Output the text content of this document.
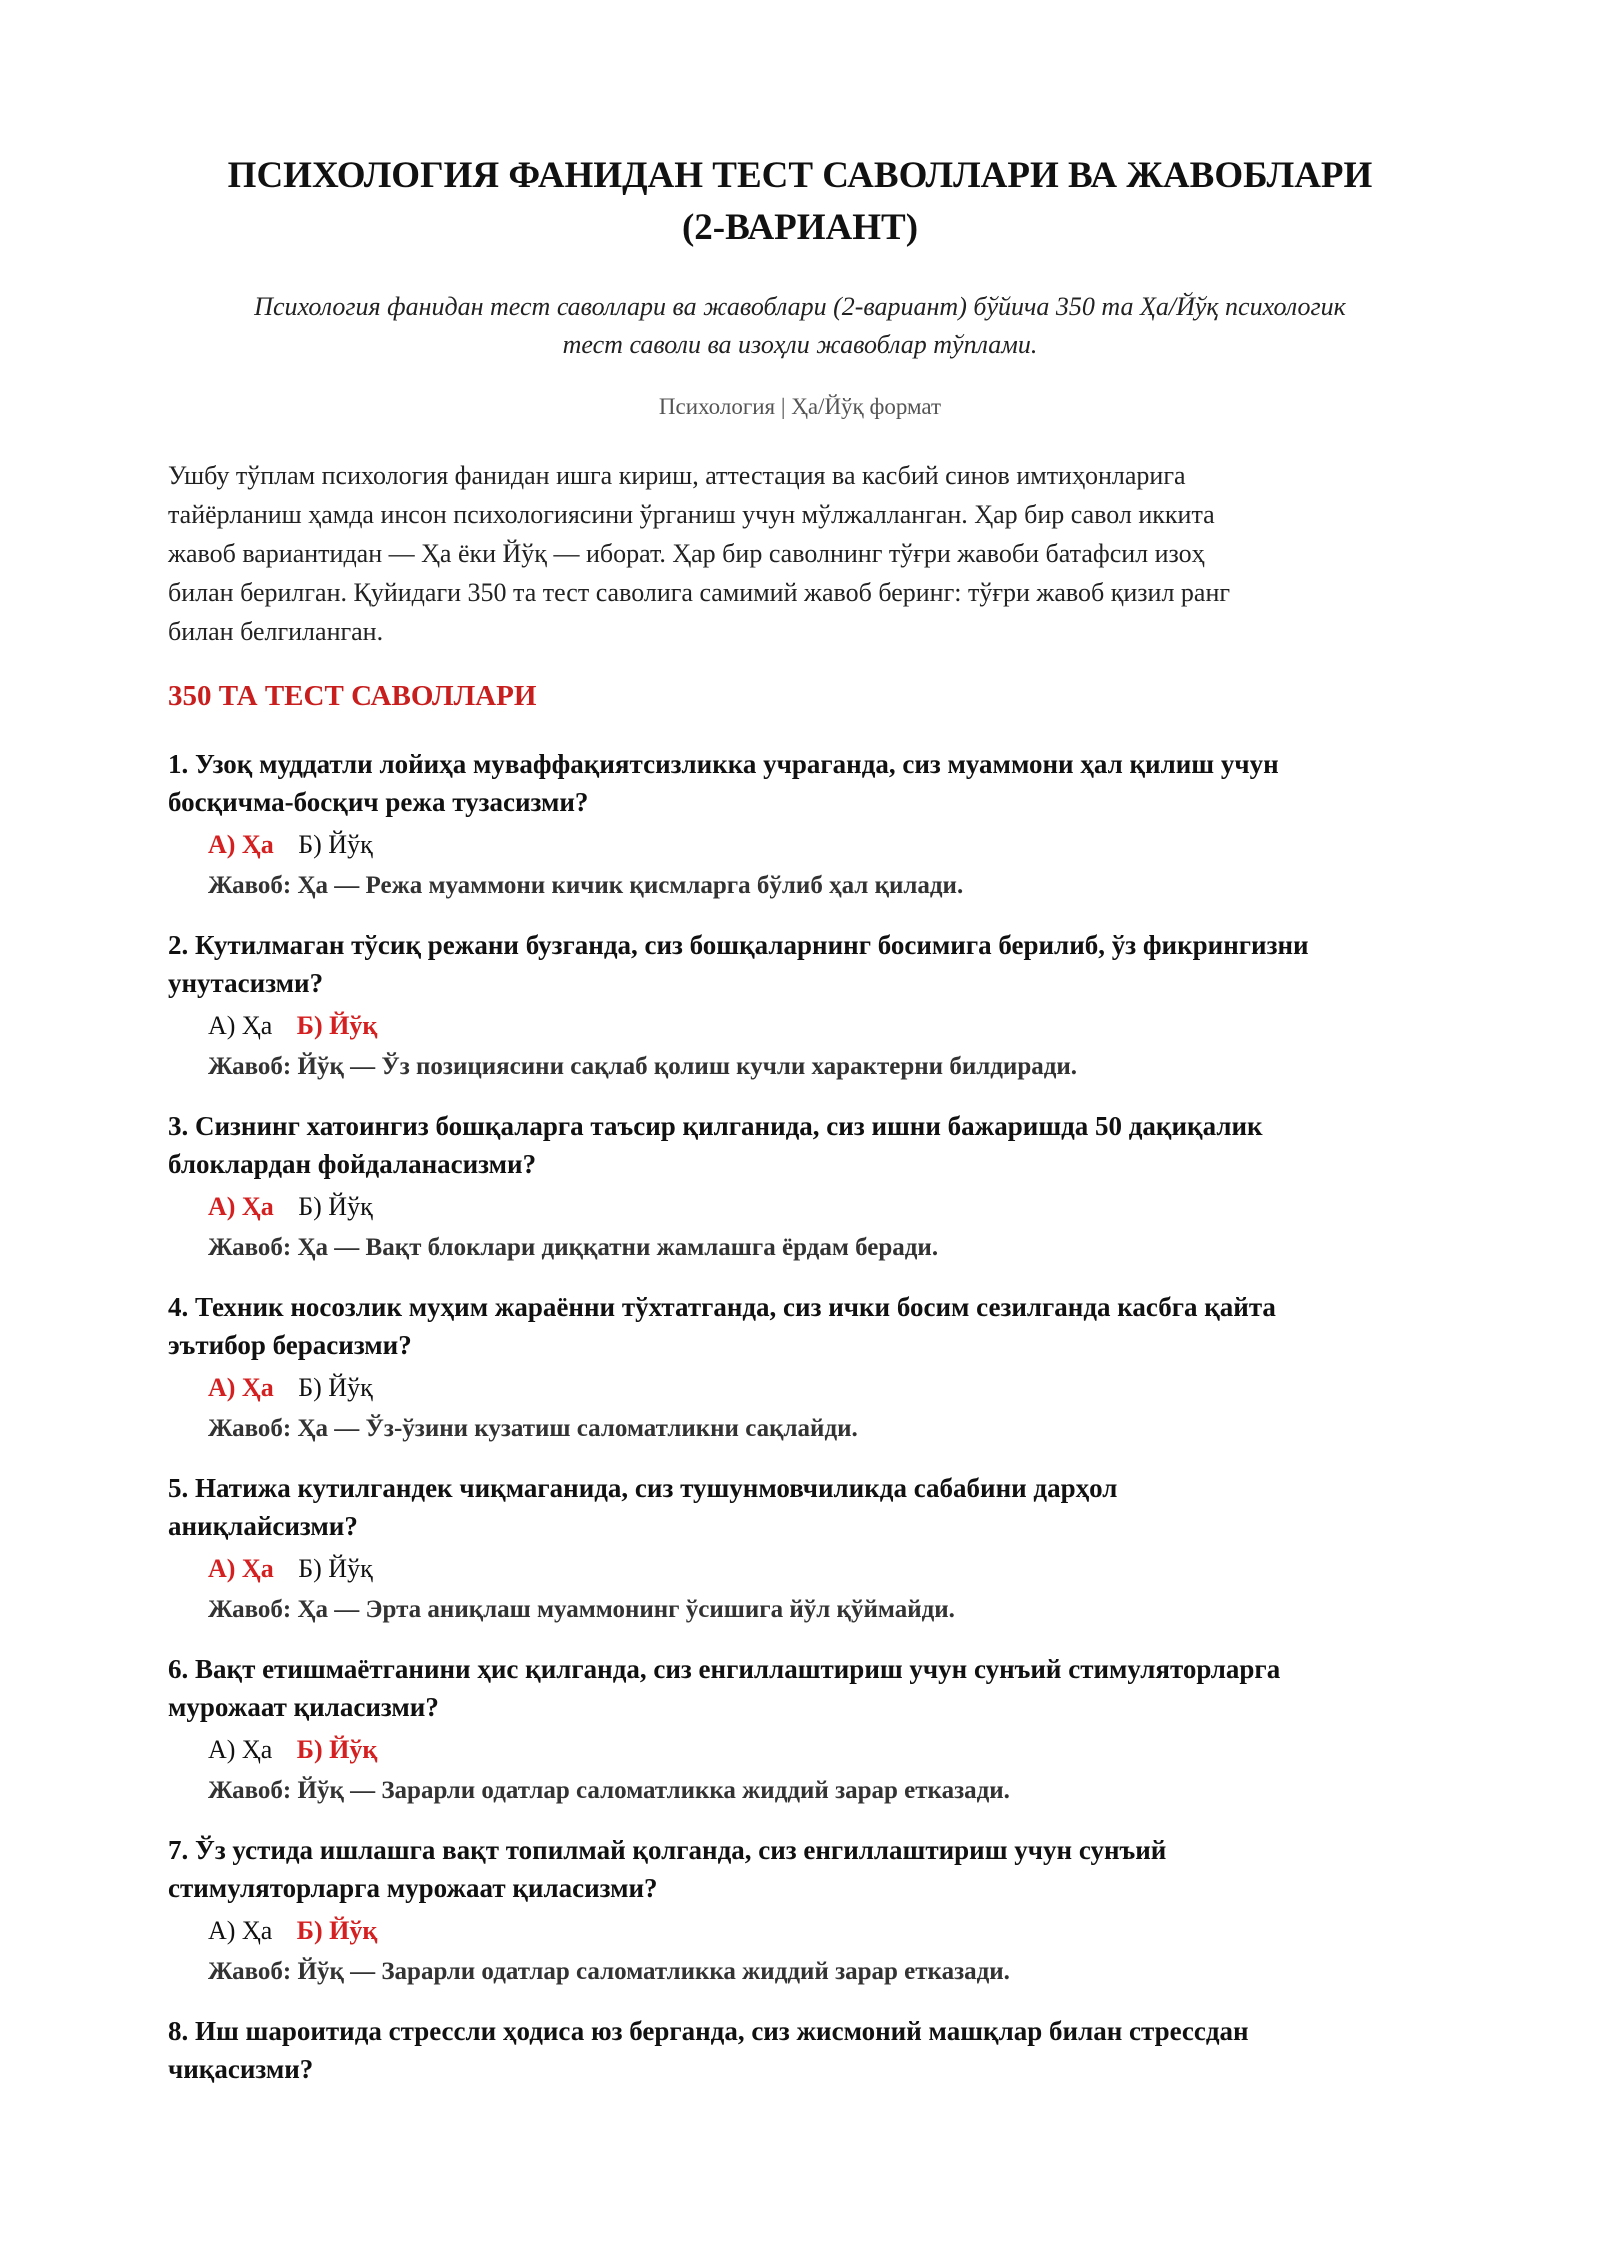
ПСИХОЛОГИЯ ФАНИДАН ТЕСТ САВОЛЛАРИ ВА ЖАВОБЛАРИ
(2-ВАРИАНТ)
Психология фанидан тест саволлари ва жавоблари (2-вариант) бўйича 350 та Ҳа/Йўқ психологик
тест саволи ва изоҳли жавоблар тўплами.
Психология | Ҳа/Йўқ формат
Ушбу тўплам психология фанидан ишга кириш, аттестация ва касбий синов имтиҳонларига
тайёрланиш ҳамда инсон психологиясини ўрганиш учун мўлжалланган. Ҳар бир савол иккита
жавоб вариантидан — Ҳа ёки Йўқ — иборат. Ҳар бир саволнинг тўғри жавоби батафсил изоҳ
билан берилган. Қуйидаги 350 та тест саволига самимий жавоб беринг: тўғри жавоб қизил ранг
билан белгиланган.
350 ТА ТЕСТ САВОЛЛАРИ
1. Узоқ муддатли лойиҳа муваффақиятсизликка учраганда, сиз муаммони ҳал қилиш учун
босқичма-босқич режа тузасизми?
А) Ҳа Б) Йўқ
Жавоб: Ҳа — Режа муаммони кичик қисмларга бўлиб ҳал қилади.
2. Кутилмаган тўсиқ режани бузганда, сиз бошқаларнинг босимига берилиб, ўз фикрингизни
унутасизми?
А) Ҳа Б) Йўқ
Жавоб: Йўқ — Ўз позициясини сақлаб қолиш кучли характерни билдиради.
3. Сизнинг хатоингиз бошқаларга таъсир қилганида, сиз ишни бажаришда 50 дақиқалик
блоклардан фойдаланасизми?
А) Ҳа Б) Йўқ
Жавоб: Ҳа — Вақт блоклари диққатни жамлашга ёрдам беради.
4. Техник носозлик муҳим жараённи тўхтатганда, сиз ички босим сезилганда касбга қайта
эътибор берасизми?
А) Ҳа Б) Йўқ
Жавоб: Ҳа — Ўз-ўзини кузатиш саломатликни сақлайди.
5. Натижа кутилгандек чиқмаганида, сиз тушунмовчиликда сабабини дарҳол
аниқлайсизми?
А) Ҳа Б) Йўқ
Жавоб: Ҳа — Эрта аниқлаш муаммонинг ўсишига йўл қўймайди.
6. Вақт етишмаётганини ҳис қилганда, сиз енгиллаштириш учун сунъий стимуляторларга
мурожаат қиласизми?
А) Ҳа Б) Йўқ
Жавоб: Йўқ — Зарарли одатлар саломатликка жиддий зарар етказади.
7. Ўз устида ишлашга вақт топилмай қолганда, сиз енгиллаштириш учун сунъий
стимуляторларга мурожаат қиласизми?
А) Ҳа Б) Йўқ
Жавоб: Йўқ — Зарарли одатлар саломатликка жиддий зарар етказади.
8. Иш шароитида стрессли ҳодиса юз берганда, сиз жисмоний машқлар билан стрессдан
чиқасизми?
